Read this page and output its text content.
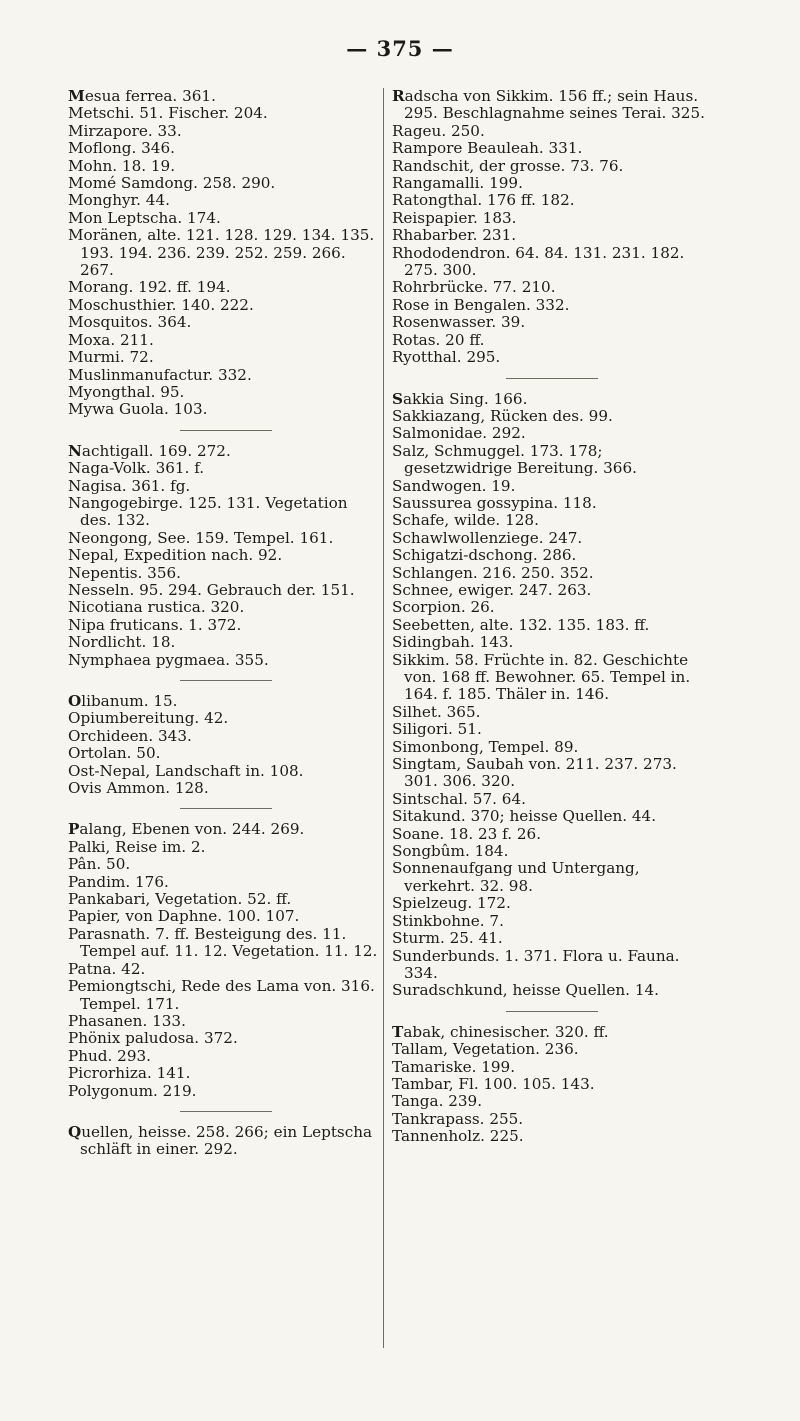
— 375 —

Mesua ferrea. 361.

Metschi. 51. Fischer. 204.

Mirzapore. 33.

Moflong. 346.

Mohn. 18. 19.

Momé Samdong. 258. 290.

Monghyr. 44.

Mon Leptscha. 174.

Moränen, alte. 121. 128. 129. 134. 135. 193. 194. 236. 239. 252. 259. 266. 267.

Morang. 192. ff. 194.

Moschusthier. 140. 222.

Mosquitos. 364.

Moxa. 211.

Murmi. 72.

Muslinmanufactur. 332.

Myongthal. 95.

Mywa Guola. 103.

Nachtigall. 169. 272.

Naga-Volk. 361. f.

Nagisa. 361. fg.

Nangogebirge. 125. 131. Vegetation des. 132.

Neongong, See. 159. Tempel. 161.

Nepal, Expedition nach. 92.

Nepentis. 356.

Nesseln. 95. 294. Gebrauch der. 151.

Nicotiana rustica. 320.

Nipa fruticans. 1. 372.

Nordlicht. 18.

Nymphaea pygmaea. 355.

Olibanum. 15.

Opiumbereitung. 42.

Orchideen. 343.

Ortolan. 50.

Ost-Nepal, Landschaft in. 108.

Ovis Ammon. 128.

Palang, Ebenen von. 244. 269.

Palki, Reise im. 2.

Pân. 50.

Pandim. 176.

Pankabari, Vegetation. 52. ff.

Papier, von Daphne. 100. 107.

Parasnath. 7. ff. Besteigung des. 11. Tempel auf. 11. 12. Vegetation. 11. 12.

Patna. 42.

Pemiongtschi, Rede des Lama von. 316. Tempel. 171.

Phasanen. 133.

Phönix paludosa. 372.

Phud. 293.

Picrorhiza. 141.

Polygonum. 219.

Quellen, heisse. 258. 266; ein Leptscha schläft in einer. 292.

Radscha von Sikkim. 156 ff.; sein Haus. 295. Beschlagnahme seines Terai. 325.

Rageu. 250.

Rampore Beauleah. 331.

Randschit, der grosse. 73. 76.

Rangamalli. 199.

Ratongthal. 176 ff. 182.

Reispapier. 183.

Rhabarber. 231.

Rhododendron. 64. 84. 131. 231. 182. 275. 300.

Rohrbrücke. 77. 210.

Rose in Bengalen. 332.

Rosenwasser. 39.

Rotas. 20 ff.

Ryotthal. 295.

Sakkia Sing. 166.

Sakkiazang, Rücken des. 99.

Salmonidae. 292.

Salz, Schmuggel. 173. 178; gesetzwidrige Bereitung. 366.

Sandwogen. 19.

Saussurea gossypina. 118.

Schafe, wilde. 128.

Schawlwollenziege. 247.

Schigatzi-dschong. 286.

Schlangen. 216. 250. 352.

Schnee, ewiger. 247. 263.

Scorpion. 26.

Seebetten, alte. 132. 135. 183. ff.

Sidingbah. 143.

Sikkim. 58. Früchte in. 82. Geschichte von. 168 ff. Bewohner. 65. Tempel in. 164. f. 185. Thäler in. 146.

Silhet. 365.

Siligori. 51.

Simonbong, Tempel. 89.

Singtam, Saubah von. 211. 237. 273. 301. 306. 320.

Sintschal. 57. 64.

Sitakund. 370; heisse Quellen. 44.

Soane. 18. 23 f. 26.

Songbûm. 184.

Sonnenaufgang und Untergang, verkehrt. 32. 98.

Spielzeug. 172.

Stinkbohne. 7.

Sturm. 25. 41.

Sunderbunds. 1. 371. Flora u. Fauna. 334.

Suradschkund, heisse Quellen. 14.

Tabak, chinesischer. 320. ff.

Tallam, Vegetation. 236.

Tamariske. 199.

Tambar, Fl. 100. 105. 143.

Tanga. 239.

Tankrapass. 255.

Tannenholz. 225.
